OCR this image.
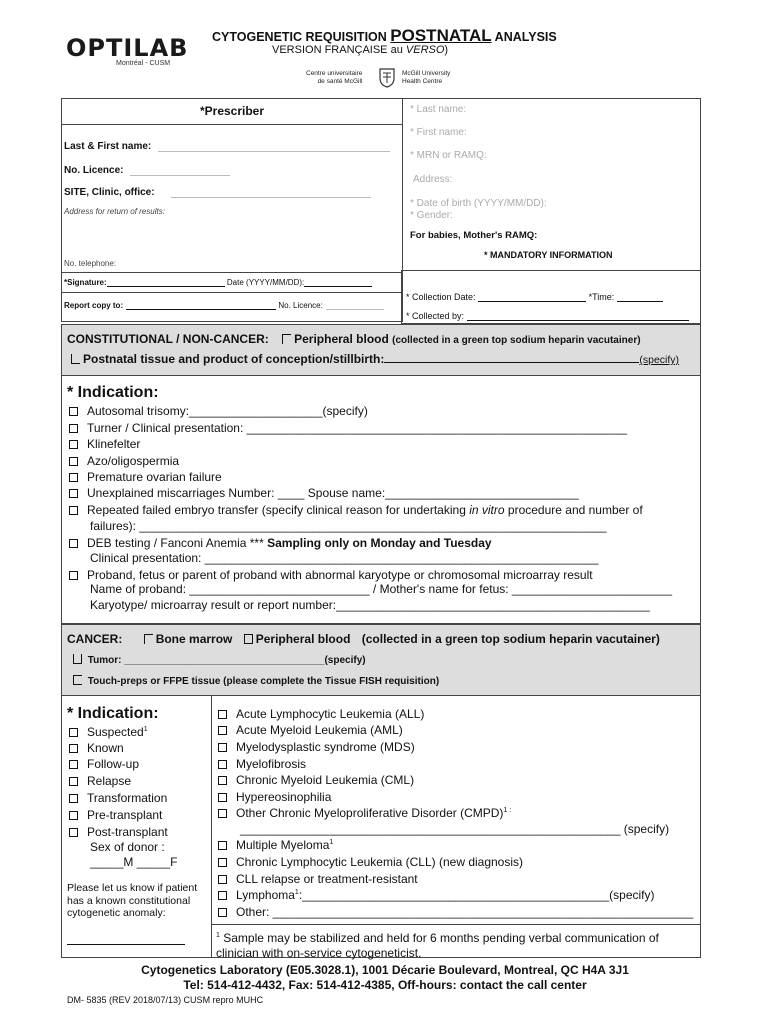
OPTILAB
Montréal - CUSM
CYTOGENETIC REQUISITION POSTNATAL ANALYSIS
VERSION FRANÇAISE au VERSO)
Centre universitaire
de santé McGill
McGill University
Health Centre
*Prescriber
Last & First name:
No. Licence:
SITE, Clinic, office:
Address for return of results:
No. telephone:
*Signature:	Date (YYYY/MM/DD):
Report copy to:	No. Licence:
* Last name:
* First name:
* MRN or RAMQ:
Address:
* Date of birth (YYYY/MM/DD):
* Gender:
For babies, Mother's RAMQ:
* MANDATORY INFORMATION
* Collection Date:	*Time:
* Collected by:
CONSTITUTIONAL / NON-CANCER: Peripheral blood (collected in a green top sodium heparin vacutainer)
Postnatal tissue and product of conception/stillbirth:	(specify)
* Indication:
Autosomal trisomy:____________________(specify)
Turner / Clinical presentation: _________________________________________________________
Klinefelter
Azo/oligospermia
Premature ovarian failure
Unexplained miscarriages Number: ____ Spouse name:_____________________________
Repeated failed embryo transfer (specify clinical reason for undertaking in vitro procedure and number of
failures): ______________________________________________________________________
DEB testing / Fanconi Anemia *** Sampling only on Monday and Tuesday
Clinical presentation: ___________________________________________________________
Proband, fetus or parent of proband with abnormal karyotype or chromosomal microarray result
Name of proband: ___________________________ / Mother's name for fetus: ________________________
Karyotype/ microarray result or report number:_______________________________________________
CANCER:	Bone marrow Peripheral blood (collected in a green top sodium heparin vacutainer)
Tumor: ____________________________________(specify)
Touch-preps or FFPE tissue (please complete the Tissue FISH requisition)
* Indication:
Suspected$^1$
Known
Follow-up
Relapse
Transformation
Pre-transplant
Post-transplant
Sex of donor :
_____M _____F
Please let us know if patient has a known constitutional cytogenetic anomaly:
Acute Lymphocytic Leukemia (ALL)
Acute Myeloid Leukemia (AML)
Myelodysplastic syndrome (MDS)
Myelofibrosis
Chronic Myeloid Leukemia (CML)
Hypereosinophilia
Other Chronic Myeloproliferative Disorder (CMPD)$^{1 :}$
_________________________________________________________ (specify)
Multiple Myeloma$^1$
Chronic Lymphocytic Leukemia (CLL) (new diagnosis)
CLL relapse or treatment-resistant
Lymphoma$^1$:______________________________________________(specify)
Other: _______________________________________________________________
$^1$ Sample may be stabilized and held for 6 months pending verbal communication of clinician with on-service cytogeneticist.
Cytogenetics Laboratory (E05.3028.1), 1001 Décarie Boulevard, Montreal, QC H4A 3J1
Tel: 514-412-4432, Fax: 514-412-4385, Off-hours: contact the call center
DM- 5835 (REV 2018/07/13) CUSM repro MUHC
